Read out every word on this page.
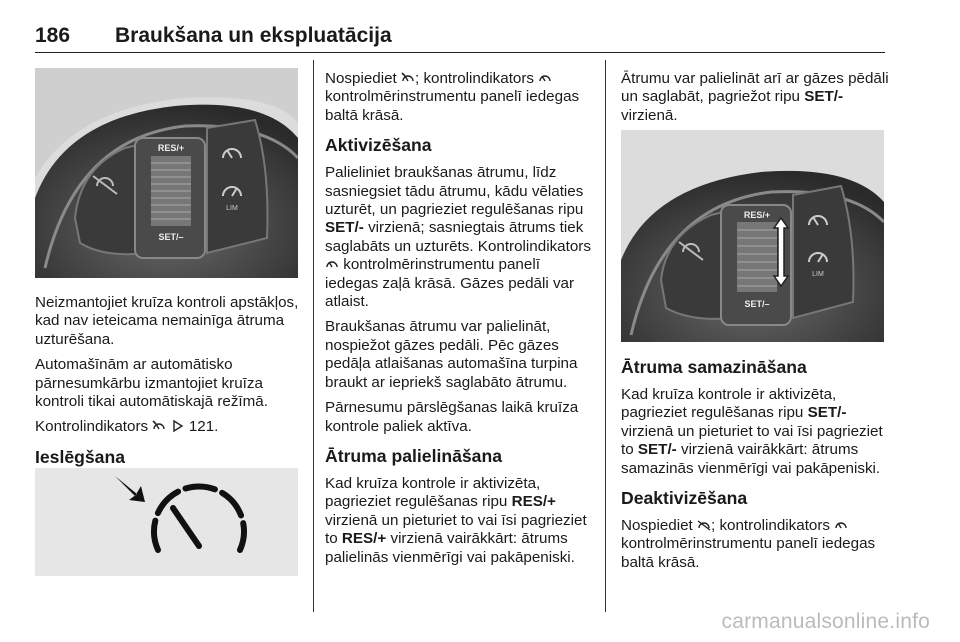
186 Braukšana un ekspluatācija
RES/+
SET/–
LIM

Neizmantojiet kruīza kontroli apstākļos, kad nav ieteicama nemainīga ātruma uzturēšana.

Automašīnām ar automātisko pārnesumkārbu izmantojiet kruīza kontroli tikai automātiskajā režīmā.

Kontrolindikators
	121.

Ieslēgšana

Nospiediet ; kontrolindikators
kontrolmērinstrumentu panelī iedegas baltā krāsā.

Aktivizēšana

Palieliniet braukšanas ātrumu, līdz sasniegsiet tādu ātrumu, kādu vēlaties uzturēt, un pagrieziet regulēšanas ripu SET/- virzienā; sasniegtais ātrums tiek saglabāts un uzturēts. Kontrolindikators
kontrolmērinstrumentu panelī iedegas zaļā krāsā. Gāzes pedāli var atlaist.

Braukšanas ātrumu var palielināt, nospiežot gāzes pedāli. Pēc gāzes pedāļa atlaišanas automašīna turpina braukt ar iepriekš saglabāto ātrumu.

Pārnesumu pārslēgšanas laikā kruīza kontrole paliek aktīva.

Ātruma palielināšana

Kad kruīza kontrole ir aktivizēta, pagrieziet regulēšanas ripu RES/+ virzienā un pieturiet to vai īsi pagrieziet to RES/+ virzienā vairākkārt: ātrums palielinās vienmērīgi vai pakāpeniski.

Ātrumu var palielināt arī ar gāzes pēdāli un saglabāt, pagriežot ripu SET/- virzienā.

RES/+
SET/–
LIM
Ātruma samazināšana

Kad kruīza kontrole ir aktivizēta, pagrieziet regulēšanas ripu SET/- virzienā un pieturiet to vai īsi pagrieziet to SET/- virzienā vairākkārt: ātrums samazinās vienmērīgi vai pakāpeniski.

Deaktivizēšana

Nospiediet ; kontrolindikators
kontrolmērinstrumentu panelī iedegas baltā krāsā.

carmanualsonline.info
